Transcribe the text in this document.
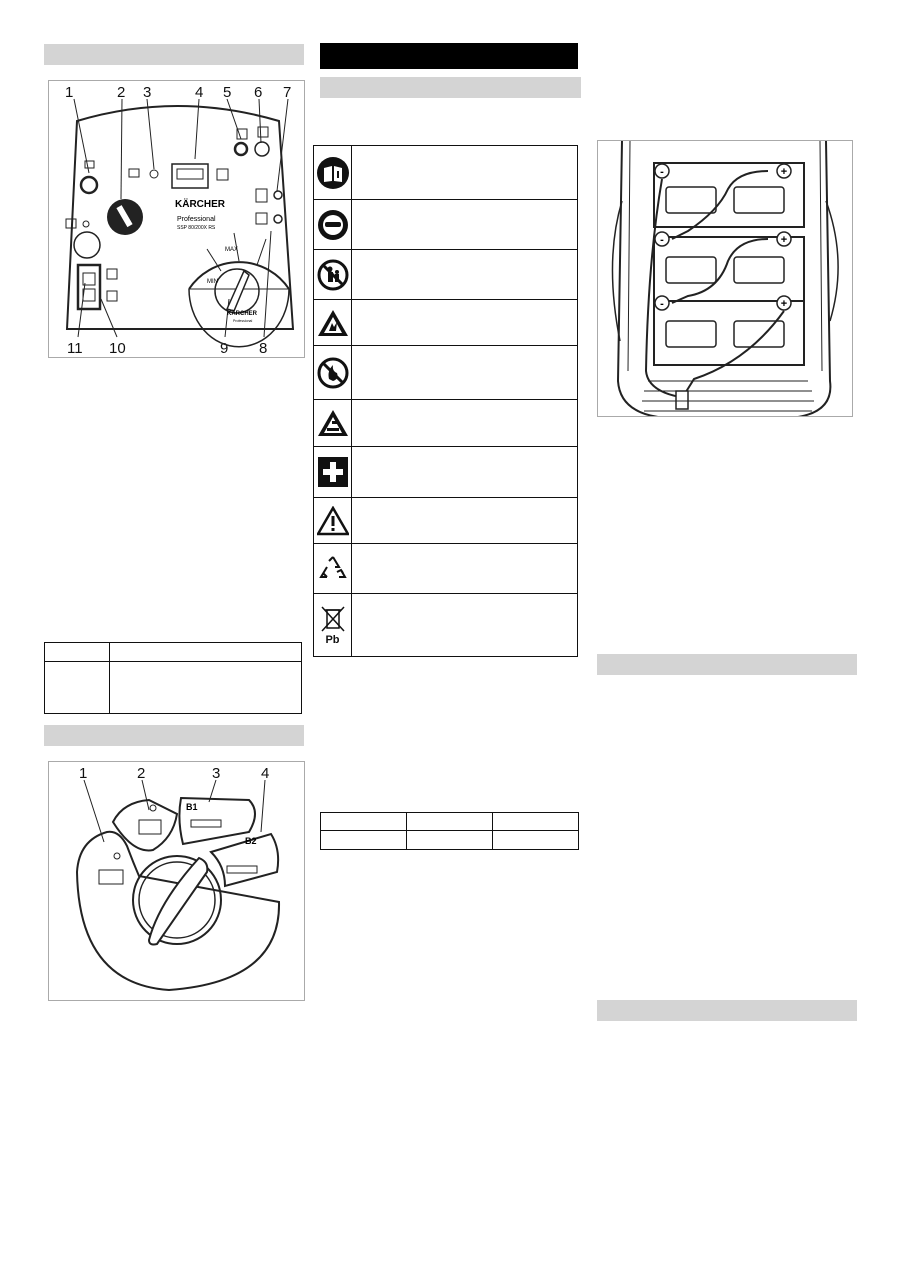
1	2 3	4 5 6 7
8
9
10
11
KÄRCHER
Professional
SSP 80/200X RS
MAX
MIN
KÄRCHER
Professional

1	2	3	4
B1
B2
Pb

-	+
-	+
-	+
